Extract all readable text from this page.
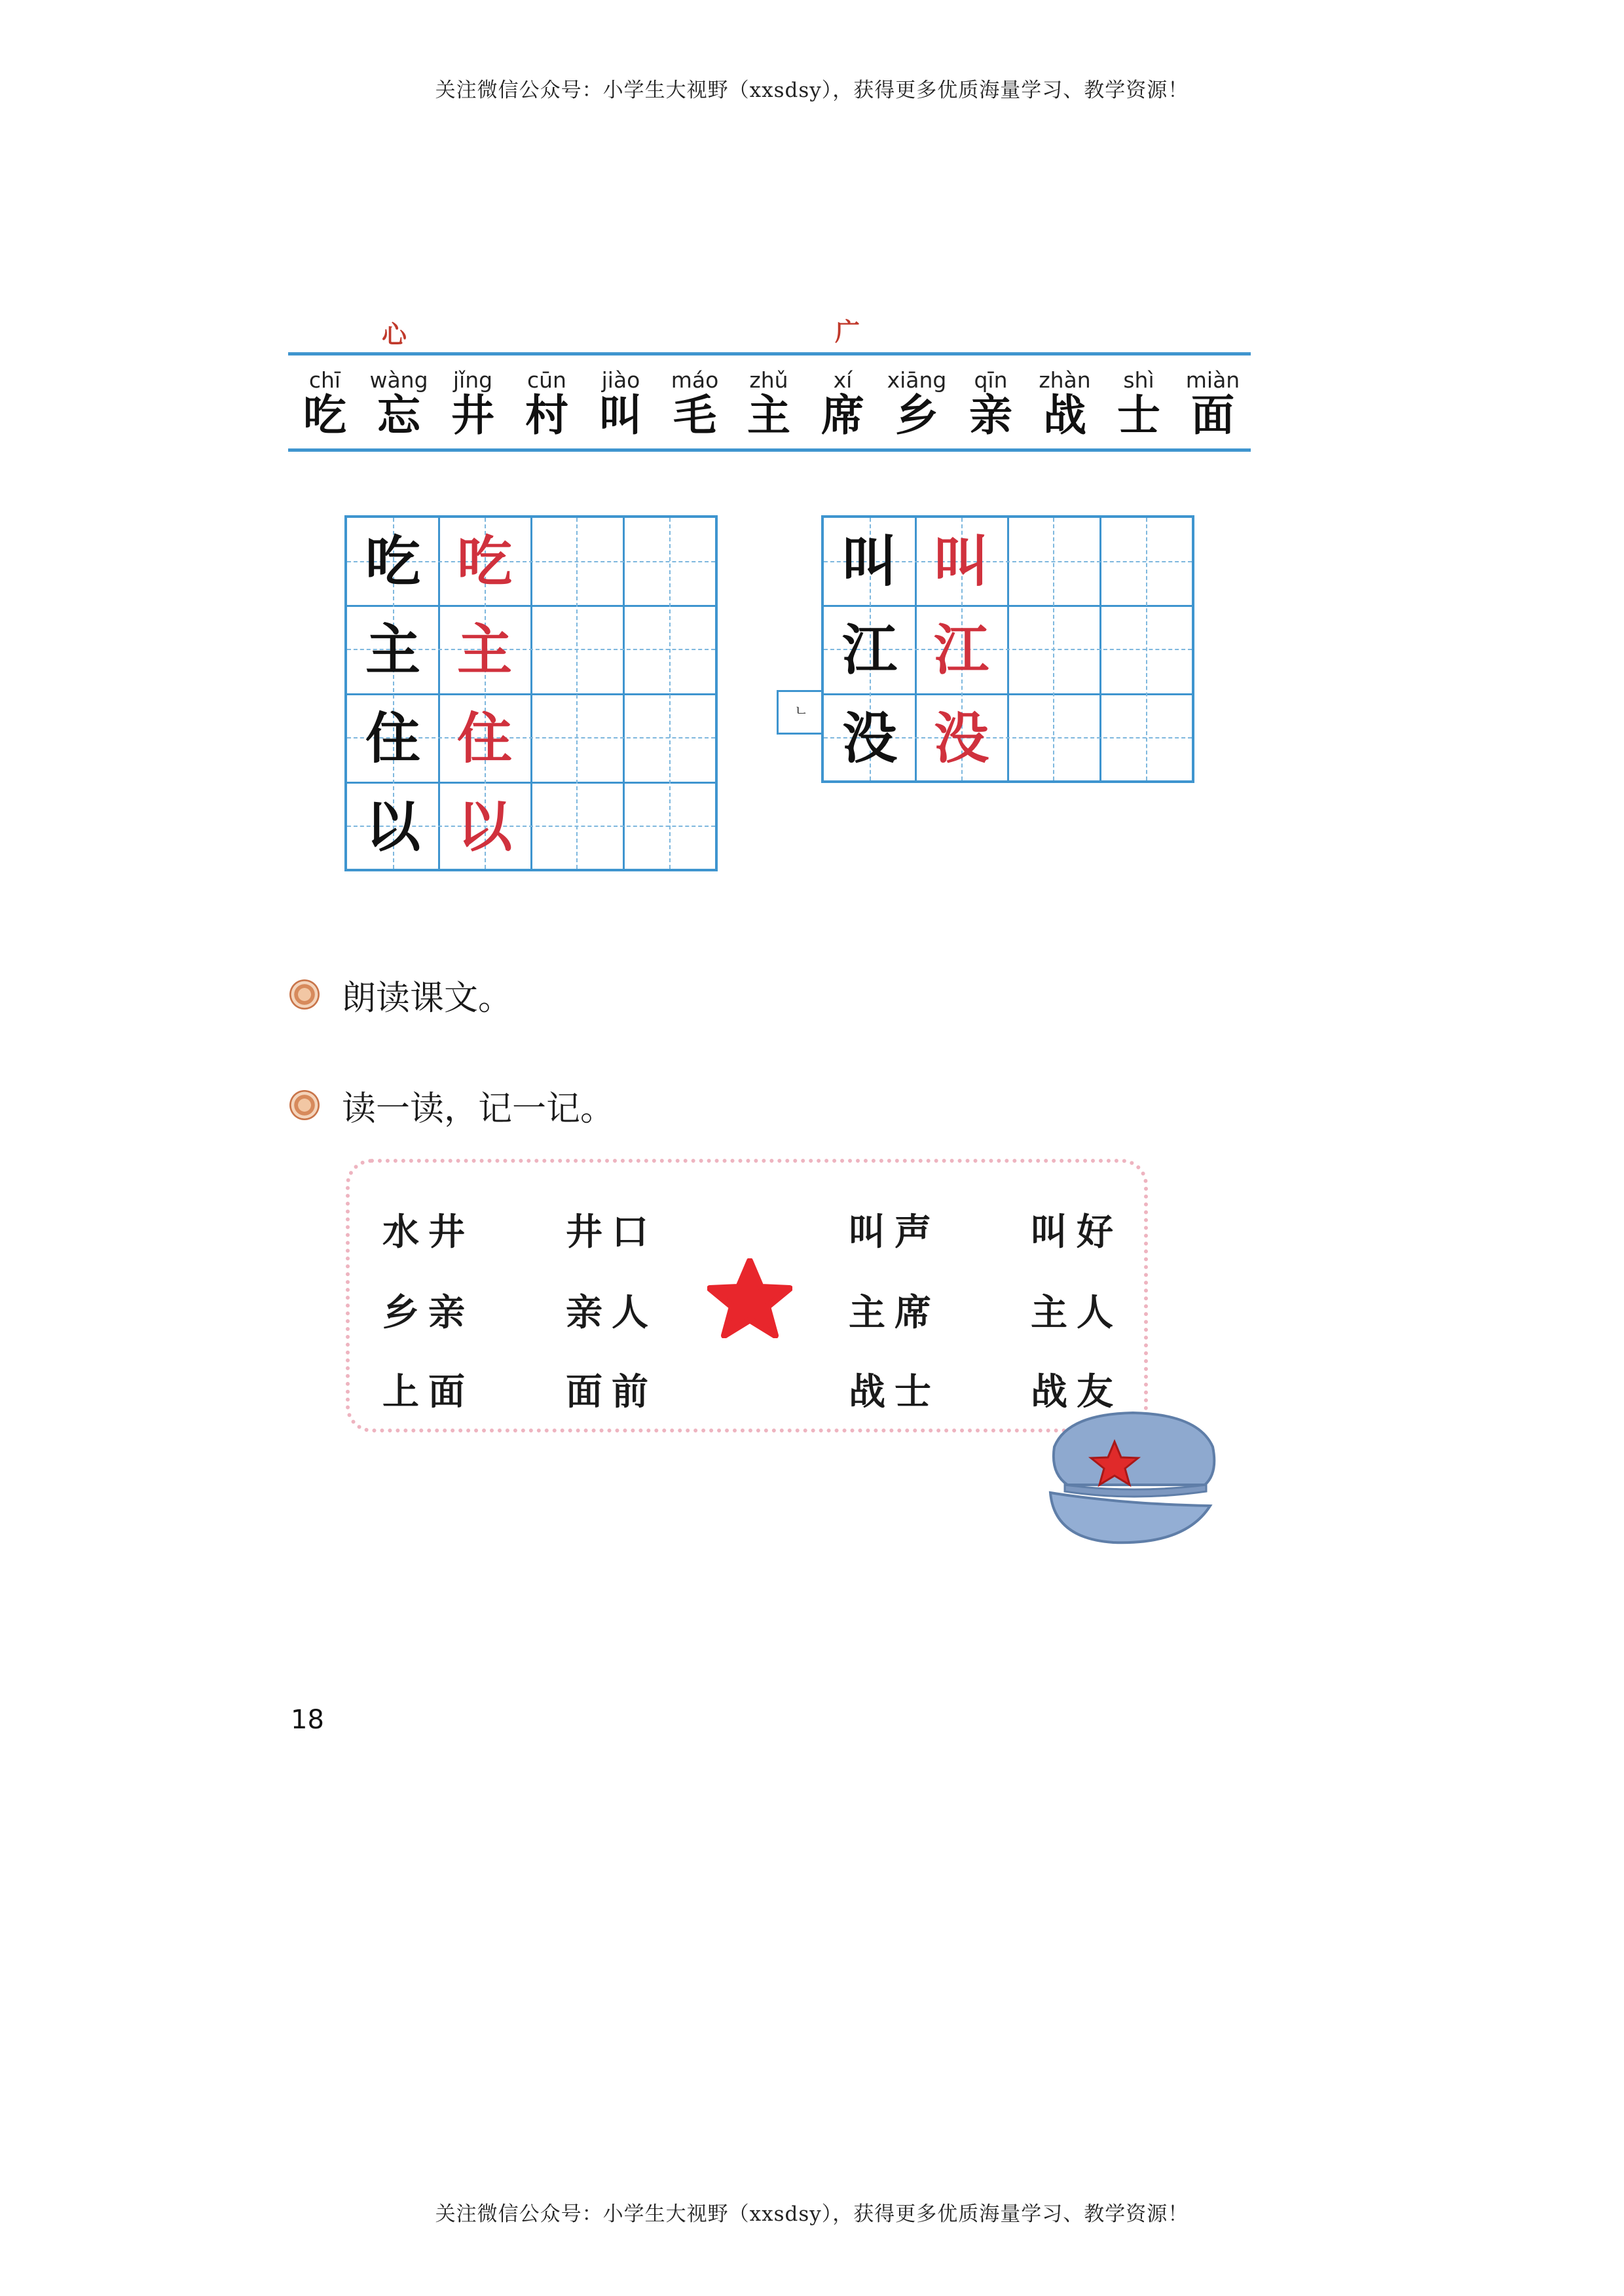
关注微信公众号：小学生大视野（xxsdsy），获得更多优质海量学习、教学资源！
心	广
chī
吃
wàng
忘
jǐng
井
cūn
村
jiào
叫
máo
毛
zhǔ
主
xí
席
xiāng
乡
qīn
亲
zhàn
战
shì
士
miàn
面
吃 吃
主 主
住 住
以 以
ㄴ
叫 叫
江 江
没 没
朗读课文。
读一读，记一记。
水井	井口	叫声 叫好
乡亲	亲人	主席 主人
上面	面前	战士 战友
18
关注微信公众号：小学生大视野（xxsdsy），获得更多优质海量学习、教学资源！
